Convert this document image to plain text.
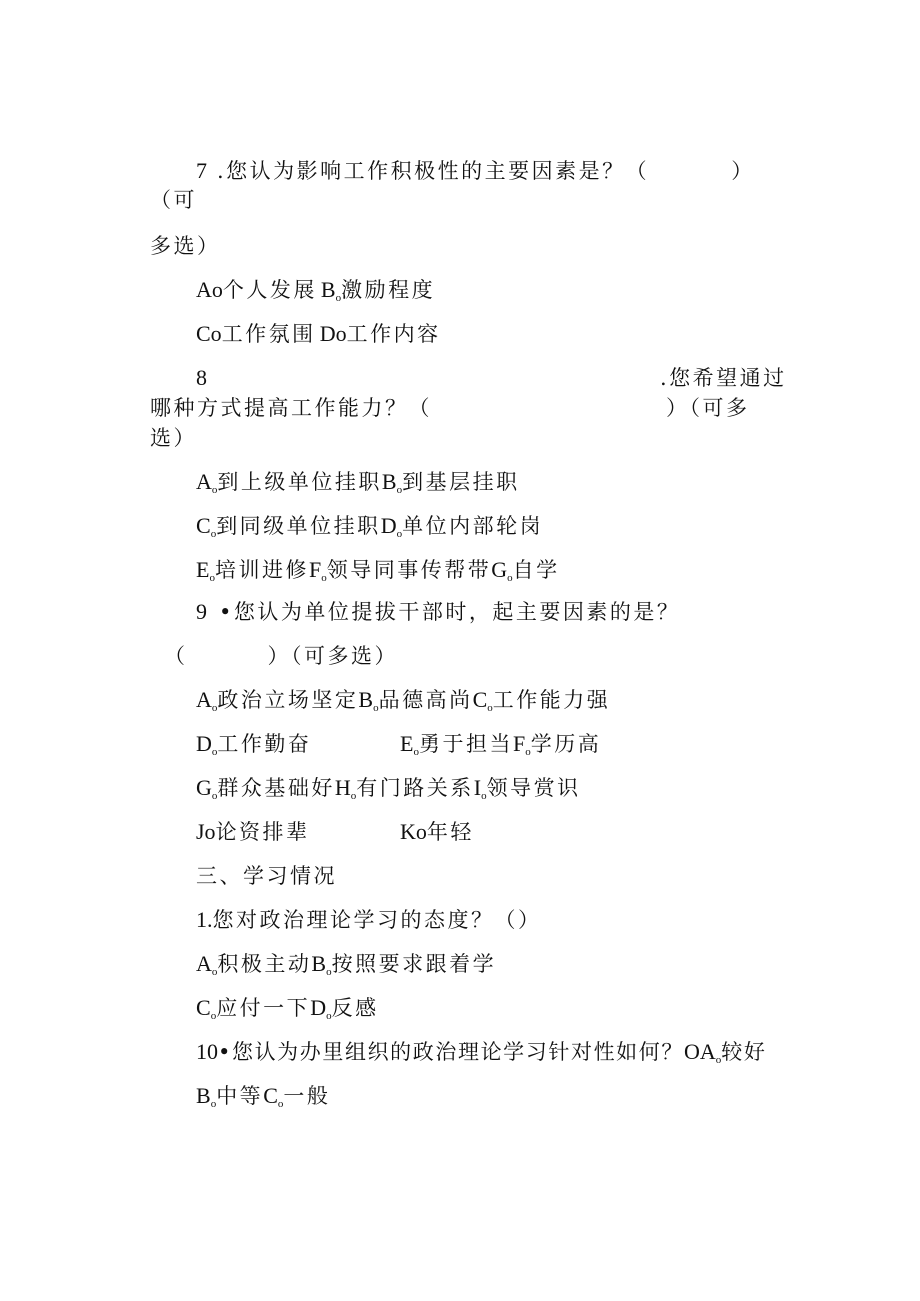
7 .您认为影响工作积极性的主要因素是？（	）
（可
多选）
Ao个人发展 $B_o$激励程度
Co工作氛围 Do工作内容
8	.您希望通过
哪种方式提高工作能力？（	）（可多
选）
$A_o$到上级单位挂职$B_o$到基层挂职
$C_o$到同级单位挂职$D_o$单位内部轮岗
$E_o$培训进修$F_o$领导同事传帮带$G_o$自学
9 •您认为单位提拔干部时，起主要因素的是？
（	）（可多选）
$A_o$政治立场坚定$B_o$品德高尚$C_o$工作能力强
$D_o$工作勤奋	$E_o$勇于担当$F_o$学历高
$G_o$群众基础好$H_o$有门路关系$I_o$领导赏识
Jo论资排辈	Ko年轻
三、学习情况
1.您对政治理论学习的态度？（）
$A_o$积极主动$B_o$按照要求跟着学
$C_o$应付一下$D_o$反感
10•您认为办里组织的政治理论学习针对性如何？$OA_o$较好
$B_o$中等$C_o$一般
